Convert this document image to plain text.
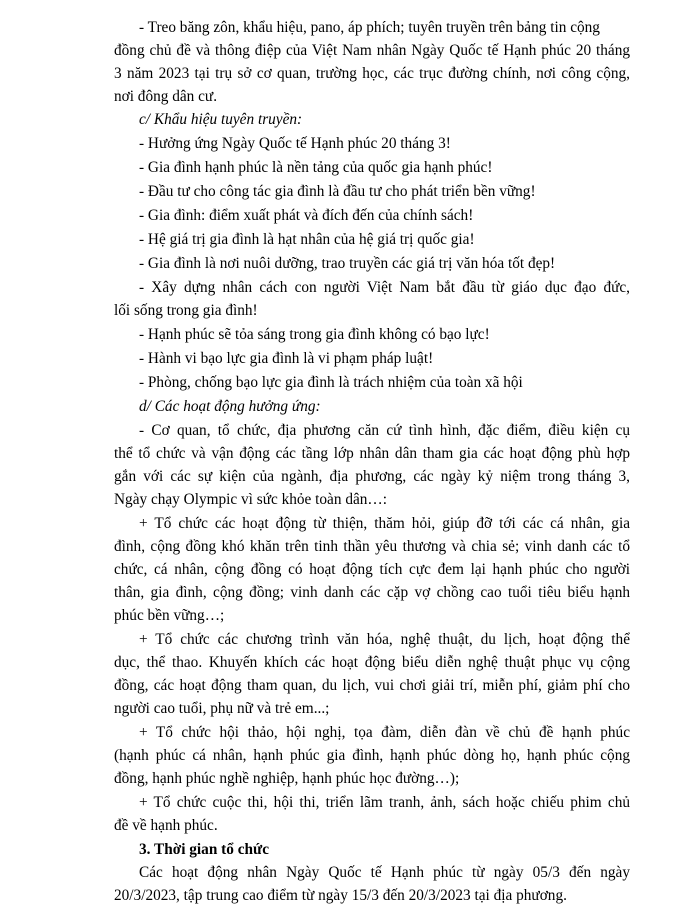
- Treo băng zôn, khẩu hiệu, pano, áp phích; tuyên truyền trên bảng tin cộng
đồng chủ đề và thông điệp của Việt Nam nhân Ngày Quốc tế Hạnh phúc 20 tháng
3 năm 2023 tại trụ sở cơ quan, trường học, các trục đường chính, nơi công cộng,
nơi đông dân cư.
c/ Khẩu hiệu tuyên truyền:
- Hưởng ứng Ngày Quốc tế Hạnh phúc 20 tháng 3!
- Gia đình hạnh phúc là nền tảng của quốc gia hạnh phúc!
- Đầu tư cho công tác gia đình là đầu tư cho phát triển bền vững!
- Gia đình: điểm xuất phát và đích đến của chính sách!
- Hệ giá trị gia đình là hạt nhân của hệ giá trị quốc gia!
- Gia đình là nơi nuôi dưỡng, trao truyền các giá trị văn hóa tốt đẹp!
- Xây dựng nhân cách con người Việt Nam bắt đầu từ giáo dục đạo đức,
lối sống trong gia đình!
- Hạnh phúc sẽ tỏa sáng trong gia đình không có bạo lực!
- Hành vi bạo lực gia đình là vi phạm pháp luật!
- Phòng, chống bạo lực gia đình là trách nhiệm của toàn xã hội
d/ Các hoạt động hưởng ứng:
- Cơ quan, tổ chức, địa phương căn cứ tình hình, đặc điểm, điều kiện cụ
thể tổ chức và vận động các tầng lớp nhân dân tham gia các hoạt động phù hợp
gắn với các sự kiện của ngành, địa phương, các ngày kỷ niệm trong tháng 3,
Ngày chạy Olympic vì sức khỏe toàn dân…:
+ Tổ chức các hoạt động từ thiện, thăm hỏi, giúp đỡ tới các cá nhân, gia
đình, cộng đồng khó khăn trên tinh thần yêu thương và chia sẻ; vinh danh các tổ
chức, cá nhân, cộng đồng có hoạt động tích cực đem lại hạnh phúc cho người
thân, gia đình, cộng đồng; vinh danh các cặp vợ chồng cao tuổi tiêu biểu hạnh
phúc bền vững…;
+ Tổ chức các chương trình văn hóa, nghệ thuật, du lịch, hoạt động thể
dục, thể thao. Khuyến khích các hoạt động biểu diễn nghệ thuật phục vụ cộng
đồng, các hoạt động tham quan, du lịch, vui chơi giải trí, miễn phí, giảm phí cho
người cao tuổi, phụ nữ và trẻ em...;
+ Tổ chức hội thảo, hội nghị, tọa đàm, diễn đàn về chủ đề hạnh phúc
(hạnh phúc cá nhân, hạnh phúc gia đình, hạnh phúc dòng họ, hạnh phúc cộng
đồng, hạnh phúc nghề nghiệp, hạnh phúc học đường…);
+ Tổ chức cuộc thi, hội thi, triển lãm tranh, ảnh, sách hoặc chiếu phim chủ
đề về hạnh phúc.
3. Thời gian tổ chức
Các hoạt động nhân Ngày Quốc tế Hạnh phúc từ ngày 05/3 đến ngày
20/3/2023, tập trung cao điểm từ ngày 15/3 đến 20/3/2023 tại địa phương.
